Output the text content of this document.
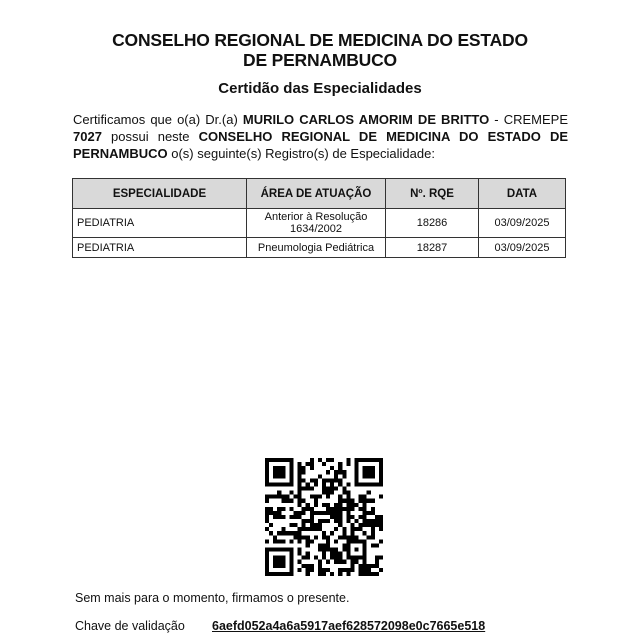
CONSELHO REGIONAL DE MEDICINA DO ESTADO
DE PERNAMBUCO
Certidão das Especialidades
Certificamos que o(a) Dr.(a) MURILO CARLOS AMORIM DE BRITTO - CREMEPE 7027 possui neste CONSELHO REGIONAL DE MEDICINA DO ESTADO DE PERNAMBUCO o(s) seguinte(s) Registro(s) de Especialidade:
ESPECIALIDADE	ÁREA DE ATUAÇÃO	Nº. RQE	DATA
PEDIATRIA	Anterior à Resolução 1634/2002	18286	03/09/2025
PEDIATRIA	Pneumologia Pediátrica	18287	03/09/2025
Sem mais para o momento, firmamos o presente.
Chave de validação 6aefd052a4a6a5917aef628572098e0c7665e518
